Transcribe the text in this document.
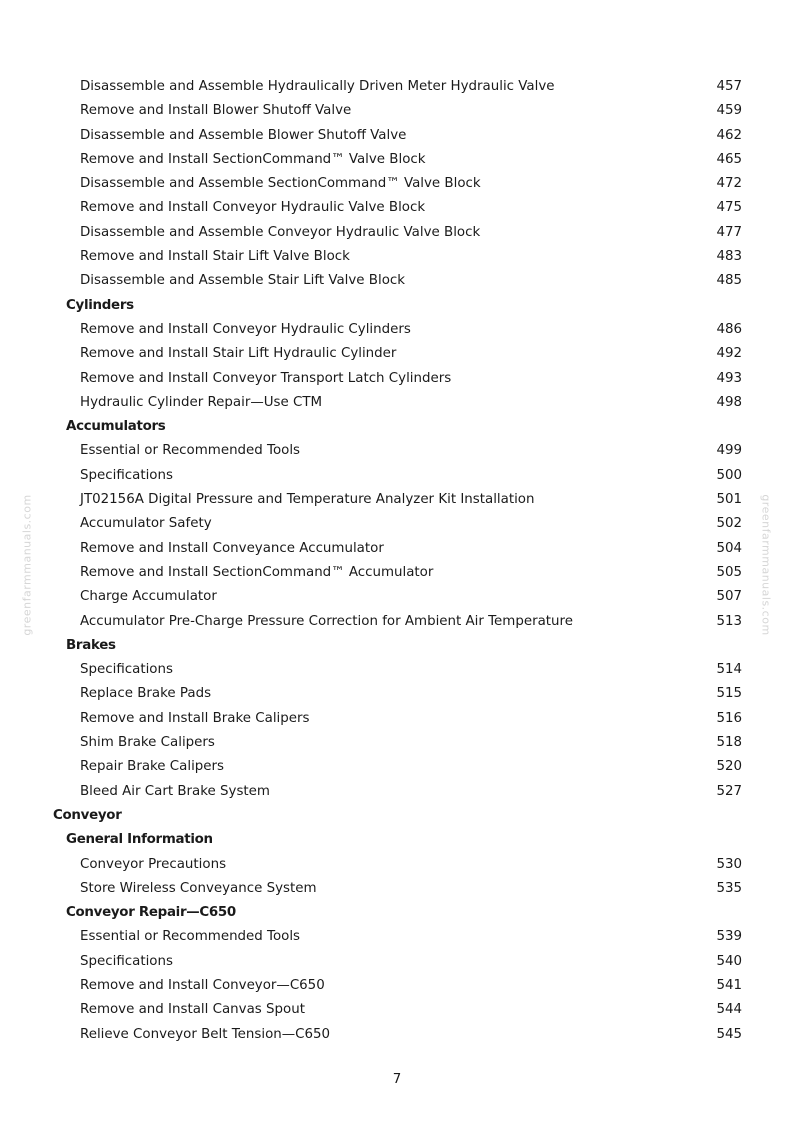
greenfarmmanuals.com	greenfarmmanuals.com
Disassemble and Assemble Hydraulically Driven Meter Hydraulic Valve	457
Remove and Install Blower Shutoff Valve	459
Disassemble and Assemble Blower Shutoff Valve	462
Remove and Install SectionCommand™ Valve Block	465
Disassemble and Assemble SectionCommand™ Valve Block	472
Remove and Install Conveyor Hydraulic Valve Block	475
Disassemble and Assemble Conveyor Hydraulic Valve Block	477
Remove and Install Stair Lift Valve Block	483
Disassemble and Assemble Stair Lift Valve Block	485
Cylinders
Remove and Install Conveyor Hydraulic Cylinders	486
Remove and Install Stair Lift Hydraulic Cylinder	492
Remove and Install Conveyor Transport Latch Cylinders	493
Hydraulic Cylinder Repair—Use CTM	498
Accumulators
Essential or Recommended Tools	499
Specifications	500
JT02156A Digital Pressure and Temperature Analyzer Kit Installation	501
Accumulator Safety	502
Remove and Install Conveyance Accumulator	504
Remove and Install SectionCommand™ Accumulator	505
Charge Accumulator	507
Accumulator Pre-Charge Pressure Correction for Ambient Air Temperature	513
Brakes
Specifications	514
Replace Brake Pads	515
Remove and Install Brake Calipers	516
Shim Brake Calipers	518
Repair Brake Calipers	520
Bleed Air Cart Brake System	527
Conveyor
General Information
Conveyor Precautions	530
Store Wireless Conveyance System	535
Conveyor Repair—C650
Essential or Recommended Tools	539
Specifications	540
Remove and Install Conveyor—C650	541
Remove and Install Canvas Spout	544
Relieve Conveyor Belt Tension—C650	545
7
